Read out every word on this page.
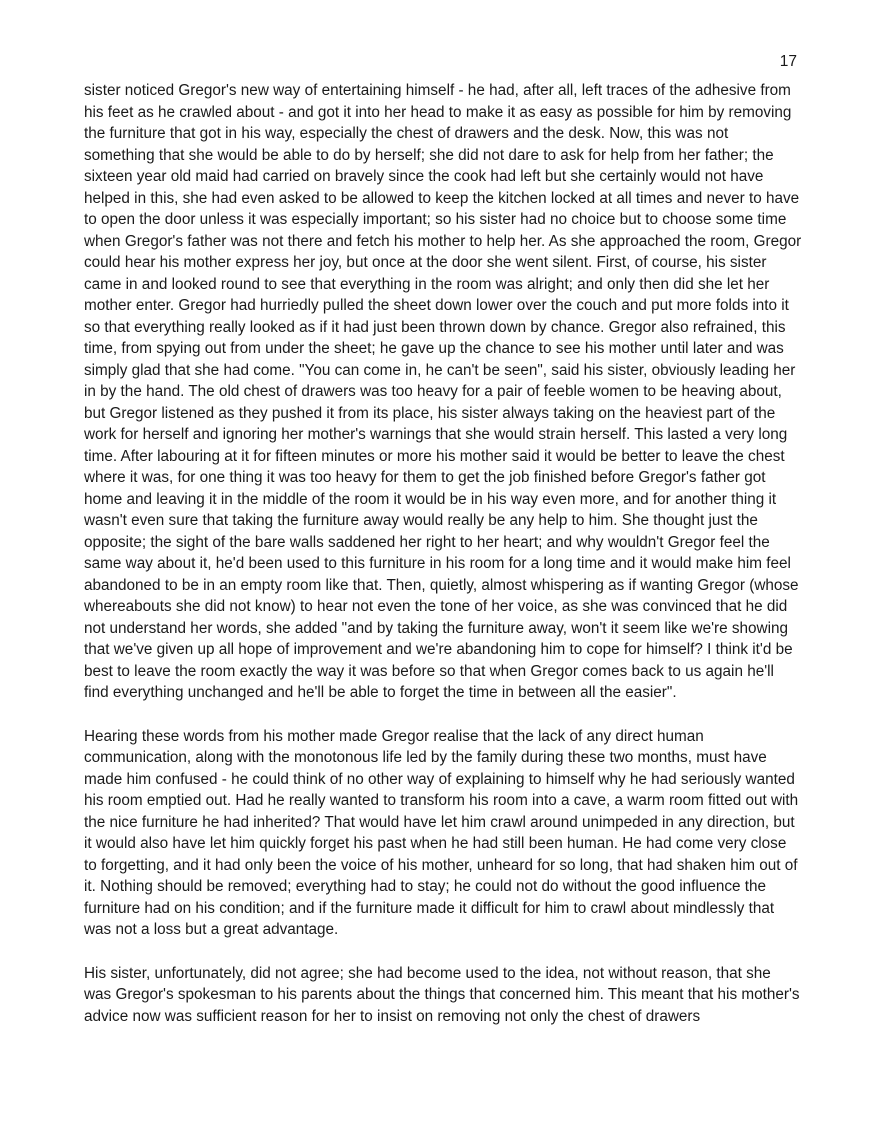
17

sister noticed Gregor's new way of entertaining himself - he had, after all, left traces of the adhesive from his feet as he crawled about - and got it into her head to make it as easy as possible for him by removing the furniture that got in his way, especially the chest of drawers and the desk. Now, this was not something that she would be able to do by herself; she did not dare to ask for help from her father; the sixteen year old maid had carried on bravely since the cook had left but she certainly would not have helped in this, she had even asked to be allowed to keep the kitchen locked at all times and never to have to open the door unless it was especially important; so his sister had no choice but to choose some time when Gregor's father was not there and fetch his mother to help her. As she approached the room, Gregor could hear his mother express her joy, but once at the door she went silent. First, of course, his sister came in and looked round to see that everything in the room was alright; and only then did she let her mother enter. Gregor had hurriedly pulled the sheet down lower over the couch and put more folds into it so that everything really looked as if it had just been thrown down by chance. Gregor also refrained, this time, from spying out from under the sheet; he gave up the chance to see his mother until later and was simply glad that she had come. "You can come in, he can't be seen", said his sister, obviously leading her in by the hand. The old chest of drawers was too heavy for a pair of feeble women to be heaving about, but Gregor listened as they pushed it from its place, his sister always taking on the heaviest part of the work for herself and ignoring her mother's warnings that she would strain herself. This lasted a very long time. After labouring at it for fifteen minutes or more his mother said it would be better to leave the chest where it was, for one thing it was too heavy for them to get the job finished before Gregor's father got home and leaving it in the middle of the room it would be in his way even more, and for another thing it wasn't even sure that taking the furniture away would really be any help to him. She thought just the opposite; the sight of the bare walls saddened her right to her heart; and why wouldn't Gregor feel the same way about it, he'd been used to this furniture in his room for a long time and it would make him feel abandoned to be in an empty room like that. Then, quietly, almost whispering as if wanting Gregor (whose whereabouts she did not know) to hear not even the tone of her voice, as she was convinced that he did not understand her words, she added "and by taking the furniture away, won't it seem like we're showing that we've given up all hope of improvement and we're abandoning him to cope for himself? I think it'd be best to leave the room exactly the way it was before so that when Gregor comes back to us again he'll find everything unchanged and he'll be able to forget the time in between all the easier".

Hearing these words from his mother made Gregor realise that the lack of any direct human communication, along with the monotonous life led by the family during these two months, must have made him confused - he could think of no other way of explaining to himself why he had seriously wanted his room emptied out. Had he really wanted to transform his room into a cave, a warm room fitted out with the nice furniture he had inherited? That would have let him crawl around unimpeded in any direction, but it would also have let him quickly forget his past when he had still been human. He had come very close to forgetting, and it had only been the voice of his mother, unheard for so long, that had shaken him out of it. Nothing should be removed; everything had to stay; he could not do without the good influence the furniture had on his condition; and if the furniture made it difficult for him to crawl about mindlessly that was not a loss but a great advantage.

His sister, unfortunately, did not agree; she had become used to the idea, not without reason, that she was Gregor's spokesman to his parents about the things that concerned him. This meant that his mother's advice now was sufficient reason for her to insist on removing not only the chest of drawers
